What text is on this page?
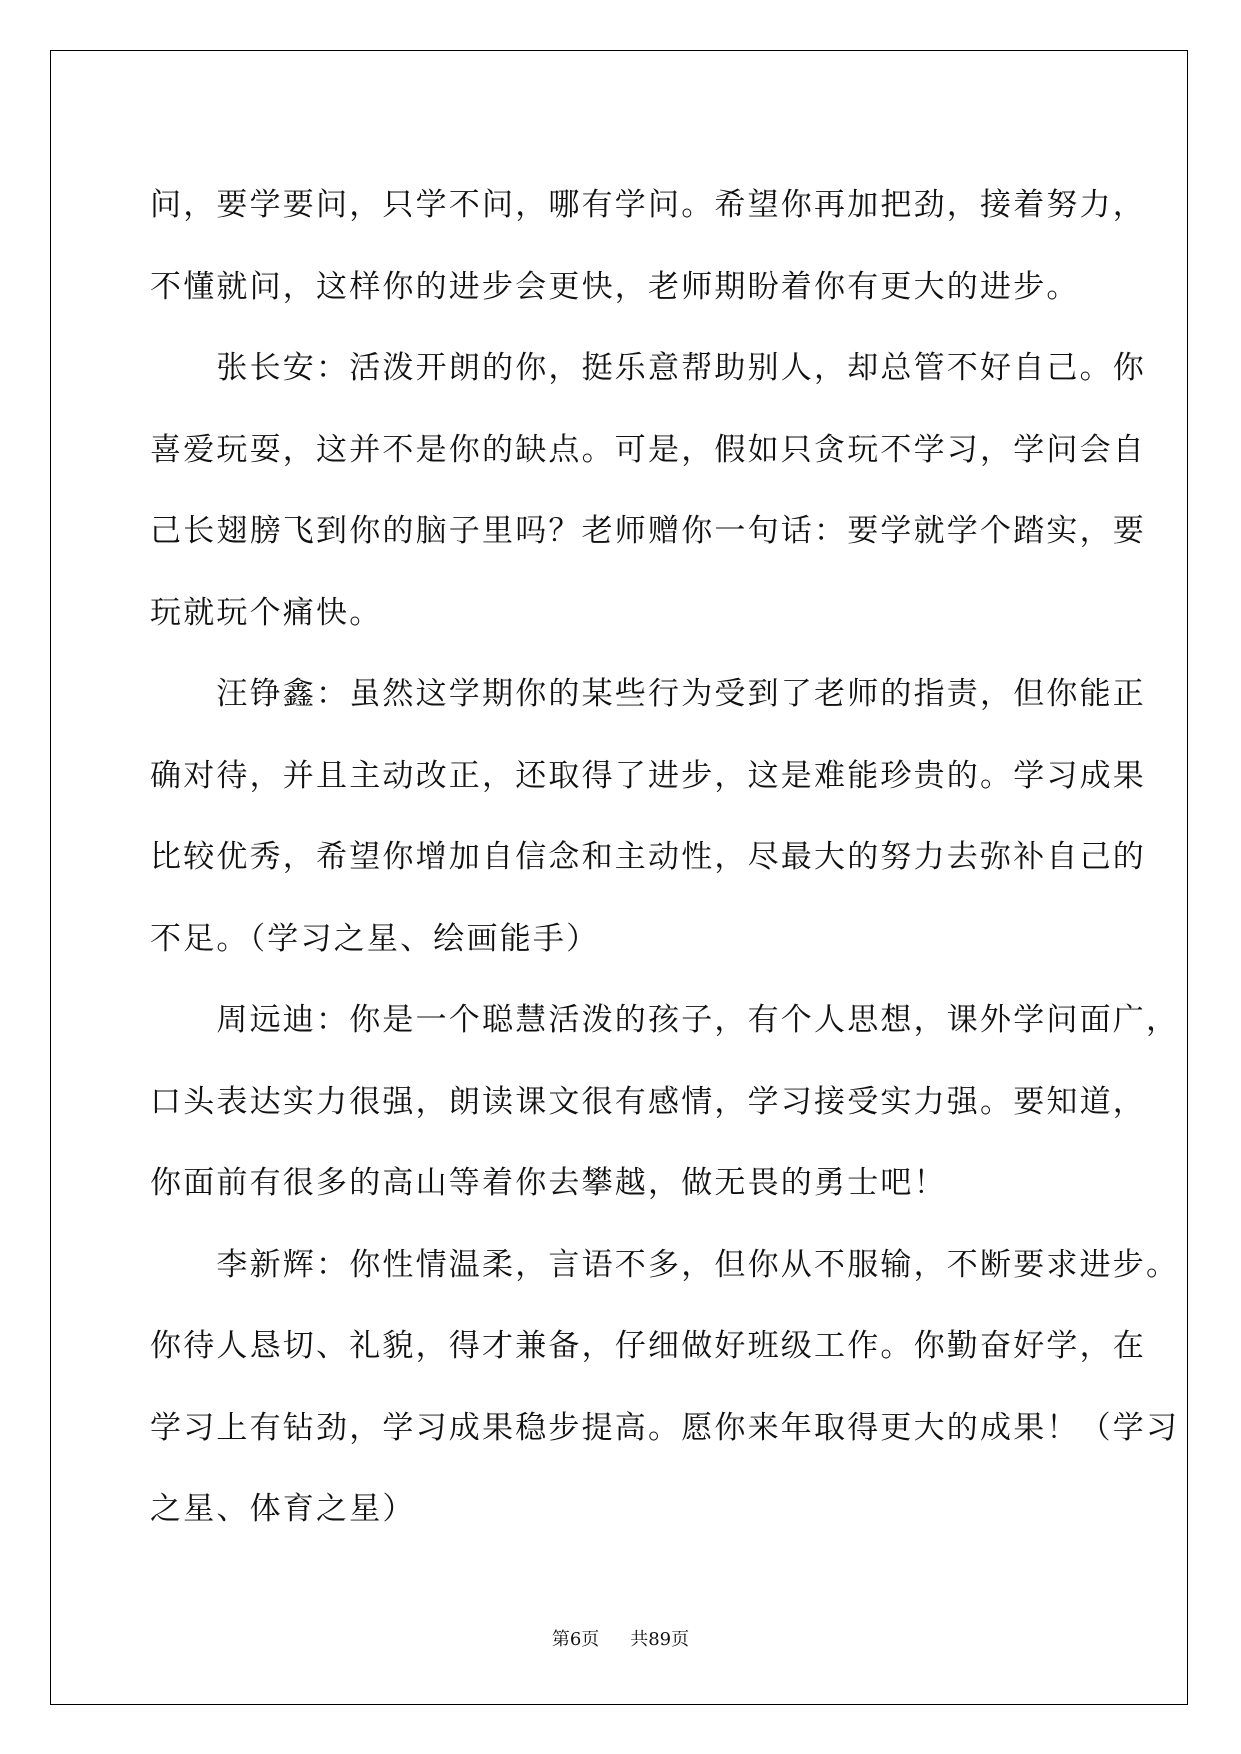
问，要学要问，只学不问，哪有学问。希望你再加把劲，接着努力，
不懂就问，这样你的进步会更快，老师期盼着你有更大的进步。
　　张长安：活泼开朗的你，挺乐意帮助别人，却总管不好自己。你
喜爱玩耍，这并不是你的缺点。可是，假如只贪玩不学习，学问会自
己长翅膀飞到你的脑子里吗？老师赠你一句话：要学就学个踏实，要
玩就玩个痛快。
　　汪铮鑫：虽然这学期你的某些行为受到了老师的指责，但你能正
确对待，并且主动改正，还取得了进步，这是难能珍贵的。学习成果
比较优秀，希望你增加自信念和主动性，尽最大的努力去弥补自己的
不足。（学习之星、绘画能手）
　　周远迪：你是一个聪慧活泼的孩子，有个人思想，课外学问面广，
口头表达实力很强，朗读课文很有感情，学习接受实力强。要知道，
你面前有很多的高山等着你去攀越，做无畏的勇士吧！
　　李新辉：你性情温柔，言语不多，但你从不服输，不断要求进步。
你待人恳切、礼貌，得才兼备，仔细做好班级工作。你勤奋好学，在
学习上有钻劲，学习成果稳步提高。愿你来年取得更大的成果！（学习
之星、体育之星）
第6页 共89页
